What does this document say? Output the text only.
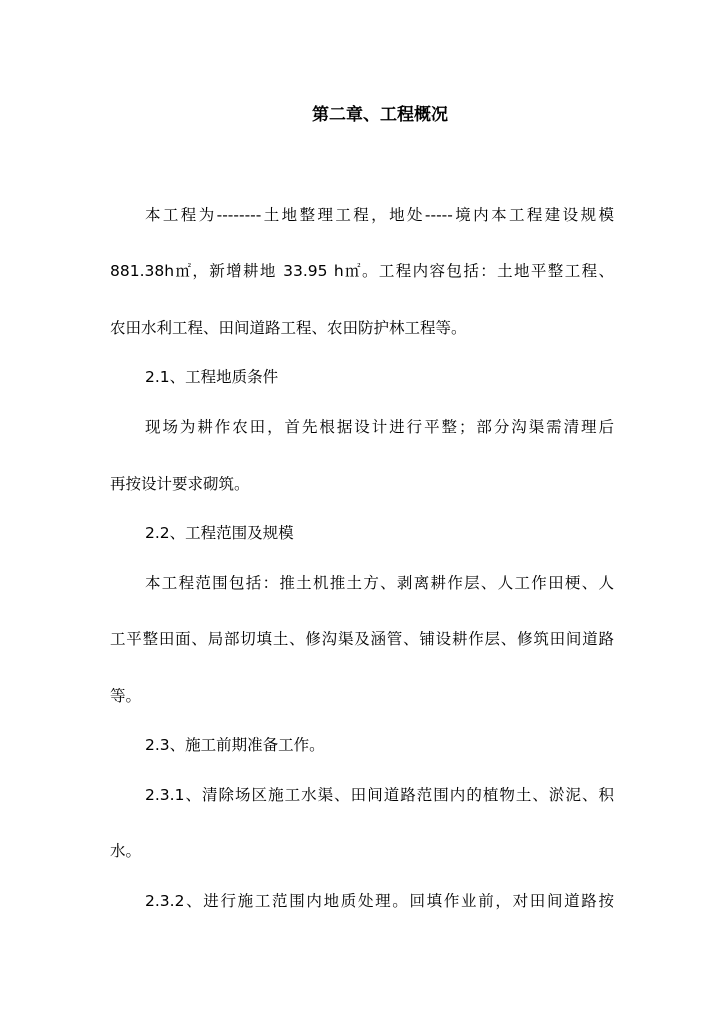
第二章、工程概况
本工程为--------土地整理工程，地处-----境内本工程建设规模
881.38h㎡，新增耕地 33.95 h㎡。工程内容包括：土地平整工程、
农田水利工程、田间道路工程、农田防护林工程等。
2.1、工程地质条件
现场为耕作农田，首先根据设计进行平整；部分沟渠需清理后
再按设计要求砌筑。
2.2、工程范围及规模
本工程范围包括：推土机推土方、剥离耕作层、人工作田梗、人
工平整田面、局部切填土、修沟渠及涵管、铺设耕作层、修筑田间道路
等。
2.3、施工前期准备工作。
2.3.1、清除场区施工水渠、田间道路范围内的植物土、淤泥、积
水。
2.3.2、进行施工范围内地质处理。回填作业前，对田间道路按
